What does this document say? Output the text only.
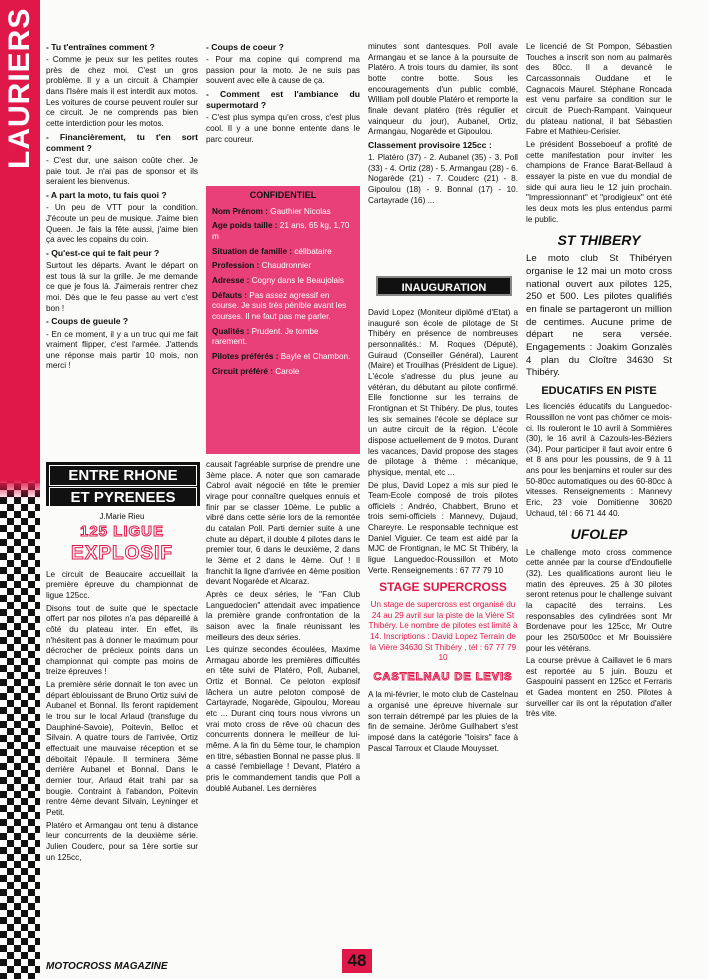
LAURIERS - Tu t'entraînes comment ?

- Comme je peux sur les petites routes près de chez moi. C'est un gros problème. Il y a un circuit à Champier dans l'Isère mais il est interdit aux motos. Les voitures de course peuvent rouler sur ce circuit. Je ne comprends pas bien cette interdiction pour les motos.

- Financièrement, tu t'en sort comment ?

- C'est dur, une saison coûte cher. Je paie tout. Je n'ai pas de sponsor et ils seraient les bienvenus.

- A part la moto, tu fais quoi ?

- Un peu de VTT pour la condition. J'écoute un peu de musique. J'aime bien Queen. Je fais la fête aussi, j'aime bien ça avec les copains du coin.

- Qu'est-ce qui te fait peur ?

Surtout les départs. Avant le départ on est tous là sur la grille. Je me demande ce que je fous là. J'aimerais rentrer chez moi. Dès que le feu passe au vert c'est bon !

- Coups de gueule ?

- En ce moment, il y a un truc qui me fait vraiment flipper, c'est l'armée. J'attends une réponse mais partir 10 mois, non merci !

ENTRE RHONE
ET PYRENEES
J.Marie Rieu
125 LIGUE
EXPLOSIF

Le circuit de Beaucaire accueillait la première épreuve du championnat de ligue 125cc.

Disons tout de suite que le spectacle offert par nos pilotes n'a pas dépareillé à côté du plateau inter. En effet, ils n'hésitent pas à donner le maximum pour décrocher de précieux points dans un championnat qui compte pas moins de treize épreuves !

La première série donnait le ton avec un départ éblouissant de Bruno Ortiz suivi de Aubanel et Bonnal. Ils feront rapidement le trou sur le local Arlaud (transfuge du Dauphiné-Savoie), Poitevin, Belloc et Silvain. A quatre tours de l'arrivée, Ortiz effectuait une mauvaise réception et se déboitait l'épaule. Il terminera 3ème derrière Aubanel et Bonnal. Dans le dernier tour, Arlaud était trahi par sa bougie. Contraint à l'abandon, Poitevin rentre 4ème devant Silvain, Leyninger et Petit.

Platéro et Armangau ont tenu à distance leur concurrents de la deuxième série. Julien Couderc, pour sa 1ère sortie sur un 125cc,

- Coups de coeur ?

- Pour ma copine qui comprend ma passion pour la moto. Je ne suis pas souvent avec elle à cause de ça.

- Comment est l'ambiance du supermotard ?

- C'est plus sympa qu'en cross, c'est plus cool. Il y a une bonne entente dans le parc coureur.

CONFIDENTIEL
Nom Prénom : Gauthier Nicolas
Age poids taille : 21 ans, 65 kg, 1,70 m
Situation de famille : célibataire
Profession : Chaudronnier
Adresse : Cogny dans le Beaujolais
Défauts : Pas assez agressif en course. Je suis très pénible avant les courses. Il ne faut pas me parler.
Qualités : Prudent. Je tombe rarement.
Pilotes préférés : Bayle et Chambon.
Circuit préféré : Carole

causait l'agréable surprise de prendre une 3ème place. A noter que son camarade Cabrol avait négocié en tête le premier virage pour connaître quelques ennuis et finir par se classer 10ème. Le public a vibré dans cette série lors de la remontée du catalan Poll. Parti dernier suite à une chute au départ, il double 4 pilotes dans le premier tour, 6 dans le deuxième, 2 dans le 3ème et 2 dans le 4ème. Ouf ! Il franchit la ligne d'arrivée en 4ème position devant Nogarède et Alcaraz.

Après ce deux séries, le "Fan Club Languedocien" attendait avec impatience la première grande confrontation de la saison avec la finale réunissant les meilleurs des deux séries.

Les quinze secondes écoulées, Maxime Armagau aborde les premières difficultés en tête suivi de Platéro, Poll, Aubanel, Ortiz et Bonnal. Ce peloton explosif lâchera un autre peloton composé de Cartayrade, Nogarède, Gipoulou, Moreau etc ... Durant cinq tours nous vivrons un vrai moto cross de rêve où chacun des concurrents donnera le meilleur de lui-même. A la fin du 5ème tour, le champion en titre, sébastien Bonnal ne passe plus. Il a cassé l'embiellage ! Devant, Platéro a pris le commandement tandis que Poll a doublé Aubanel. Les dernières

minutes sont dantesques. Poll avale Armangau et se lance à la poursuite de Platéro. A trois tours du damier, ils sont botte contre botte. Sous les encouragements d'un public comblé, William poll double Platéro et remporte la finale devant platéro (très régulier et vainqueur du jour), Aubanel, Ortiz, Armangau, Nogarède et Gipoulou.

Classement provisoire 125cc :

1. Platéro (37) - 2. Aubanel (35) - 3. Poll (33) - 4. Ortiz (28) - 5. Armangau (28) - 6. Nogarède (21) - 7. Couderc (21) - 8. Gipoulou (18) - 9. Bonnal (17) - 10. Cartayrade (16) ...

INAUGURATION

David Lopez (Moniteur diplômé d'Etat) a inauguré son école de pilotage de St Thibéry en présence de nombreuses personnalités.: M. Roques (Député), Guiraud (Conseiller Général), Laurent (Maire) et Trouilhas (Président de Ligue). L'école s'adresse du plus jeune au vétéran, du débutant au pilote confirmé. Elle fonctionne sur les terrains de Frontignan et St Thibéry. De plus, toutes les six semaines l'école se déplace sur un autre circuit de la région. L'école dispose actuellement de 9 motos. Durant les vacances, David propose des stages de pilotage à thème : mécanique, physique, mental, etc ...

De plus, David Lopez a mis sur pied le Team-Ecole composé de trois pilotes officiels : Andréo, Chabbert, Bruno et trois semi-officiels : Mannevy, Dujaud, Chareyre. Le responsable technique est Daniel Viguier. Ce team est aidé par la MJC de Frontignan, le MC St Thibéry, la ligue Languedoc-Roussillon et Moto Verte. Renseignements : 67 77 79 10

STAGE SUPERCROSS

Un stage de supercross est organisé du 24 au 29 avril sur la piste de la Vière St Thibéry. Le nombre de pilotes est limité à 14. Inscriptions : David Lopez Terrain de la Vière 34630 St Thibéry , tél : 67 77 79 10

CASTELNAU DE LEVIS

A la mi-février, le moto club de Castelnau a organisé une épreuve hivernale sur son terrain détrempé par les pluies de la fin de semaine. Jérôme Guilhabert s'est imposé dans la catégorie "loisirs" face à Pascal Tarroux et Claude Mouysset.

Le licencié de St Pompon, Sébastien Touches a inscrit son nom au palmarès des 80cc. Il a devancé le Carcassonnais Ouddane et le Cagnacois Maurel. Stéphane Roncada est venu parfaire sa condition sur le circuit de Puech-Rampant. Vainqueur du plateau national, il bat Sébastien Fabre et Mathieu-Cerisier.

Le président Bosseboeuf a profité de cette manifestation pour inviter les champions de France Barat-Bellaud à essayer la piste en vue du mondial de side qui aura lieu le 12 juin prochain. "Impressionnant" et "prodigieux" ont été les deux mots les plus entendus parmi le public.

ST THIBERY

Le moto club St Thibéryen organise le 12 mai un moto cross national ouvert aux pilotes 125, 250 et 500. Les pilotes qualifiés en finale se partageront un million de centimes. Aucune prime de départ ne sera versée. Engagements : Joakim Gonzalès 4 plan du Cloître 34630 St Thibéry.

EDUCATIFS EN PISTE

Les licenciés éducatifs du Languedoc-Roussillon ne vont pas chômer ce mois-ci. Ils rouleront le 10 avril à Sommières (30), le 16 avril à Cazouls-les-Béziers (34). Pour participer il faut avoir entre 6 et 8 ans pour les poussins, de 9 à 11 ans pour les benjamins et rouler sur des 50-80cc automatiques ou des 60-80cc à vitesses. Renseignements : Mannevy Eric, 23 voie Domitienne 30620 Uchaud, tél : 66 71 44 40.

UFOLEP

Le challenge moto cross commence cette année par la course d'Endoufielle (32). Les qualifications auront lieu le matin des épreuves. 25 à 30 pilotes seront retenus pour le challenge suivant la capacité des terrains. Les responsables des cylindrées sont Mr Bordenave pour les 125cc, Mr Outre pour les 250/500cc et Mr Bouissière pour les vétérans.

La course prévue à Caillavet le 6 mars est reportée au 5 juin. Bouzu et Gaspouini passent en 125cc et Ferraris et Gadea montent en 250. Pilotes à surveiller car ils ont la réputation d'aller très vite.

MOTOCROSS MAGAZINE	48
